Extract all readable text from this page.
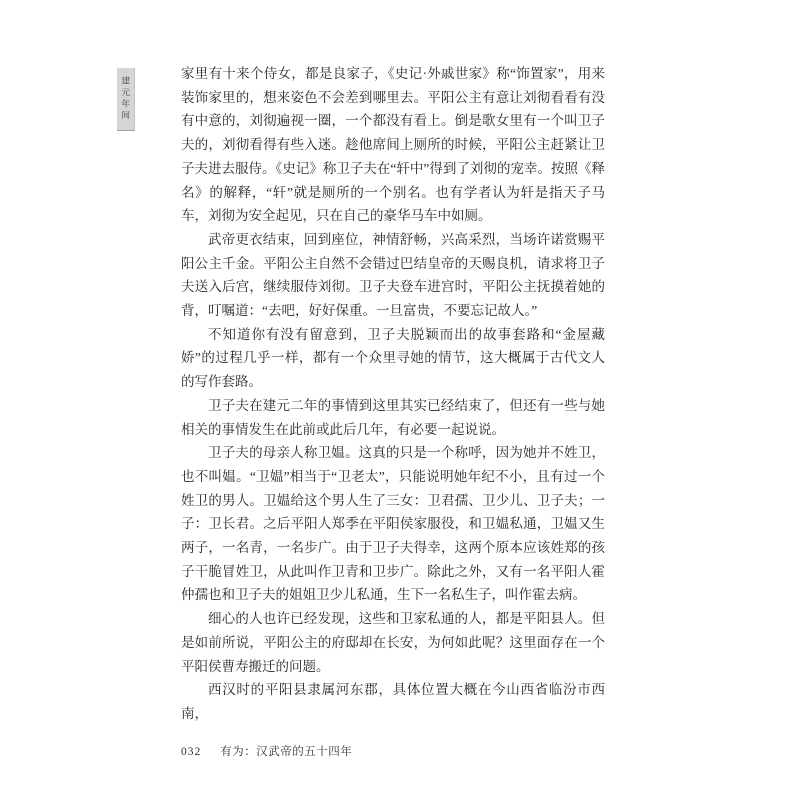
建元年间

家里有十来个侍女，都是良家子，《史记·外戚世家》称“饰置家”，用来装饰家里的，想来姿色不会差到哪里去。平阳公主有意让刘彻看看有没有中意的，刘彻遍视一圈，一个都没有看上。倒是歌女里有一个叫卫子夫的，刘彻看得有些入迷。趁他席间上厕所的时候，平阳公主赶紧让卫子夫进去服侍。《史记》称卫子夫在“轩中”得到了刘彻的宠幸。按照《释名》的解释，“轩”就是厕所的一个别名。也有学者认为轩是指天子马车，刘彻为安全起见，只在自己的豪华马车中如厕。

武帝更衣结束，回到座位，神情舒畅，兴高采烈，当场许诺赏赐平阳公主千金。平阳公主自然不会错过巴结皇帝的天赐良机，请求将卫子夫送入后宫，继续服侍刘彻。卫子夫登车进宫时，平阳公主抚摸着她的背，叮嘱道：“去吧，好好保重。一旦富贵，不要忘记故人。”

不知道你有没有留意到，卫子夫脱颖而出的故事套路和“金屋藏娇”的过程几乎一样，都有一个众里寻她的情节，这大概属于古代文人的写作套路。

卫子夫在建元二年的事情到这里其实已经结束了，但还有一些与她相关的事情发生在此前或此后几年，有必要一起说说。

卫子夫的母亲人称卫媪。这真的只是一个称呼，因为她并不姓卫，也不叫媪。“卫媪”相当于“卫老太”，只能说明她年纪不小，且有过一个姓卫的男人。卫媪给这个男人生了三女：卫君孺、卫少儿、卫子夫；一子：卫长君。之后平阳人郑季在平阳侯家服役，和卫媪私通，卫媪又生两子，一名青，一名步广。由于卫子夫得幸，这两个原本应该姓郑的孩子干脆冒姓卫，从此叫作卫青和卫步广。除此之外，又有一名平阳人霍仲孺也和卫子夫的姐姐卫少儿私通，生下一名私生子，叫作霍去病。

细心的人也许已经发现，这些和卫家私通的人，都是平阳县人。但是如前所说，平阳公主的府邸却在长安，为何如此呢？这里面存在一个平阳侯曹寿搬迁的问题。

西汉时的平阳县隶属河东郡，具体位置大概在今山西省临汾市西南，

032 有为：汉武帝的五十四年
